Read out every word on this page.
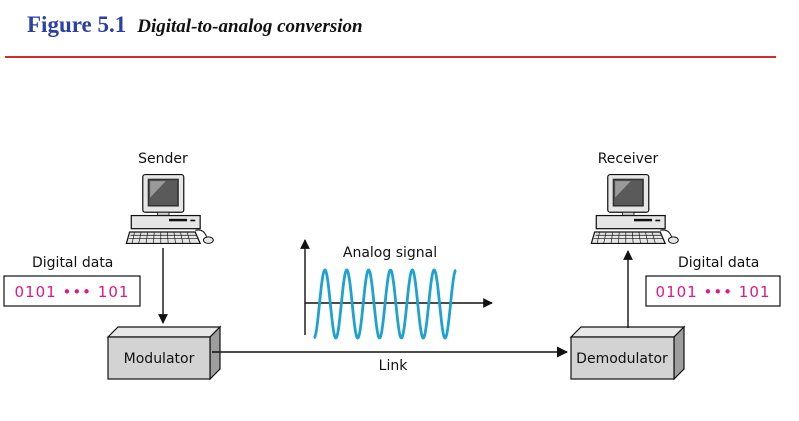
Figure 5.1 Digital-to-analog conversion
Sender
Digital data
0101 ••• 101
Modulator	Link
Analog signal
Demodulator
Receiver
Digital data
0101 ••• 101
